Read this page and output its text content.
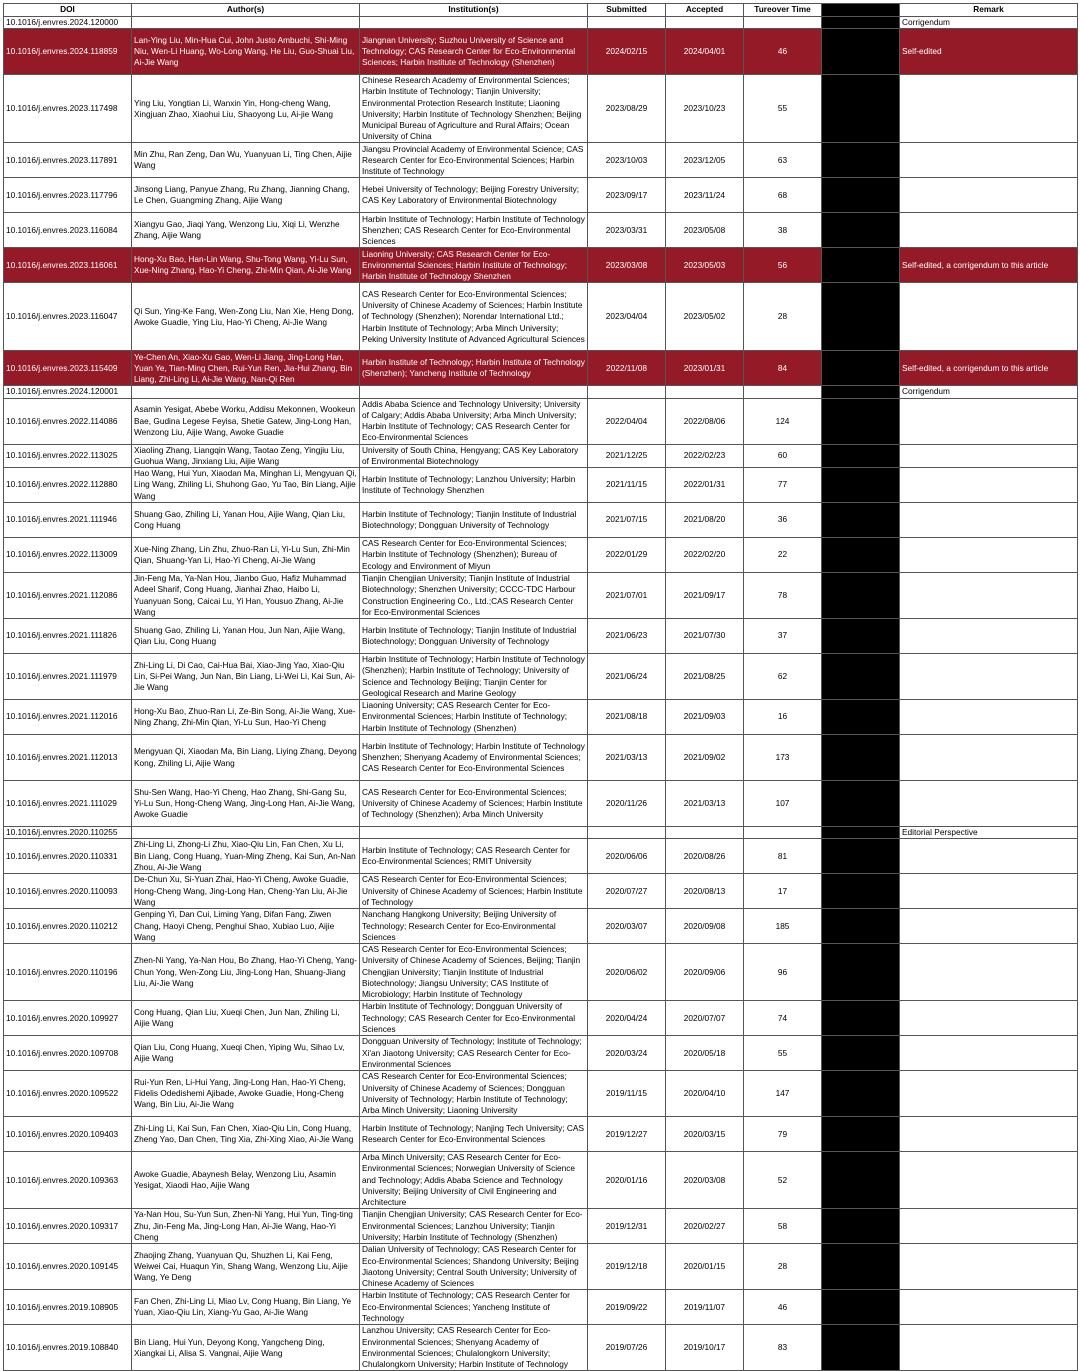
DOI	Author(s)	Institution(s)	Submitted	Accepted	Tureover Time	Handling Editor	Remark
10.1016/j.envres.2024.120000							Corrigendum
10.1016/j.envres.2024.118859	Lan-Ying Liu, Min-Hua Cui, John Justo Ambuchi, Shi-Ming Niu, Wen-Li Huang, Wo-Long Wang, He Liu, Guo-Shuai Liu, Ai-Jie Wang	Jiangnan University; Suzhou University of Science and Technology; CAS Research Center for Eco-Environmental Sciences; Harbin Institute of Technology (Shenzhen)	2024/02/15	2024/04/01	46		Self-edited
10.1016/j.envres.2023.117498	Ying Liu, Yongtian Li, Wanxin Yin, Hong-cheng Wang, Xingjuan Zhao, Xiaohui Liu, Shaoyong Lu, Ai-jie Wang	Chinese Research Academy of Environmental Sciences; Harbin Institute of Technology; Tianjin University; Environmental Protection Research Institute; Liaoning University; Harbin Institute of Technology Shenzhen; Beijing Municipal Bureau of Agriculture and Rural Affairs; Ocean University of China	2023/08/29	2023/10/23	55		
10.1016/j.envres.2023.117891	Min Zhu, Ran Zeng, Dan Wu, Yuanyuan Li, Ting Chen, Aijie Wang	Jiangsu Provincial Academy of Environmental Science; CAS Research Center for Eco-Environmental Sciences; Harbin Institute of Technology	2023/10/03	2023/12/05	63		
10.1016/j.envres.2023.117796	Jinsong Liang, Panyue Zhang, Ru Zhang, Jianning Chang, Le Chen, Guangming Zhang, Aijie Wang	Hebei University of Technology; Beijing Forestry University; CAS Key Laboratory of Environmental Biotechnology	2023/09/17	2023/11/24	68		
10.1016/j.envres.2023.116084	Xiangyu Gao, Jiaqi Yang, Wenzong Liu, Xiqi Li, Wenzhe Zhang, Aijie Wang	Harbin Institute of Technology; Harbin Institute of Technology Shenzhen; CAS Research Center for Eco-Environmental Sciences	2023/03/31	2023/05/08	38		
10.1016/j.envres.2023.116061	Hong-Xu Bao, Han-Lin Wang, Shu-Tong Wang, Yi-Lu Sun, Xue-Ning Zhang, Hao-Yi Cheng, Zhi-Min Qian, Ai-Jie Wang	Liaoning University; CAS Research Center for Eco-Environmental Sciences; Harbin Institute of Technology; Harbin Institute of Technology Shenzhen	2023/03/08	2023/05/03	56		Self-edited, a corrigendum to this article
10.1016/j.envres.2023.116047	Qi Sun, Ying-Ke Fang, Wen-Zong Liu, Nan Xie, Heng Dong, Awoke Guadie, Ying Liu, Hao-Yi Cheng, Ai-Jie Wang	CAS Research Center for Eco-Environmental Sciences; University of Chinese Academy of Sciences; Harbin Institute of Technology (Shenzhen); Norendar International Ltd.; Harbin Institute of Technology; Arba Minch University; Peking University Institute of Advanced Agricultural Sciences	2023/04/04	2023/05/02	28		
10.1016/j.envres.2023.115409	Ye-Chen An, Xiao-Xu Gao, Wen-Li Jiang, Jing-Long Han, Yuan Ye, Tian-Ming Chen, Rui-Yun Ren, Jia-Hui Zhang, Bin Liang, Zhi-Ling Li, Ai-Jie Wang, Nan-Qi Ren	Harbin Institute of Technology; Harbin Institute of Technology (Shenzhen); Yancheng Institute of Technology	2022/11/08	2023/01/31	84		Self-edited, a corrigendum to this article
10.1016/j.envres.2024.120001							Corrigendum
10.1016/j.envres.2022.114086	Asamin Yesigat, Abebe Worku, Addisu Mekonnen, Wookeun Bae, Gudina Legese Feyisa, Shetie Gatew, Jing-Long Han, Wenzong Liu, Aijie Wang, Awoke Guadie	Addis Ababa Science and Technology University; University of Calgary; Addis Ababa University; Arba Minch University; Harbin Institute of Technology; CAS Research Center for Eco-Environmental Sciences	2022/04/04	2022/08/06	124		
10.1016/j.envres.2022.113025	Xiaoling Zhang, Liangqin Wang, Taotao Zeng, Yingjiu Liu, Guohua Wang, Jinxiang Liu, Aijie Wang	University of South China, Hengyang; CAS Key Laboratory of Environmental Biotechnology	2021/12/25	2022/02/23	60		
10.1016/j.envres.2022.112880	Hao Wang, Hui Yun, Xiaodan Ma, Minghan Li, Mengyuan Qi, Ling Wang, Zhiling Li, Shuhong Gao, Yu Tao, Bin Liang, Aijie Wang	Harbin Institute of Technology; Lanzhou University; Harbin Institute of Technology Shenzhen	2021/11/15	2022/01/31	77		
10.1016/j.envres.2021.111946	Shuang Gao, Zhiling Li, Yanan Hou, Aijie Wang, Qian Liu, Cong Huang	Harbin Institute of Technology; Tianjin Institute of Industrial Biotechnology; Dongguan University of Technology	2021/07/15	2021/08/20	36		
10.1016/j.envres.2022.113009	Xue-Ning Zhang, Lin Zhu, Zhuo-Ran Li, Yi-Lu Sun, Zhi-Min Qian, Shuang-Yan Li, Hao-Yi Cheng, Ai-Jie Wang	CAS Research Center for Eco-Environmental Sciences; Harbin Institute of Technology (Shenzhen); Bureau of Ecology and Environment of Miyun	2022/01/29	2022/02/20	22		
10.1016/j.envres.2021.112086	Jin-Feng Ma, Ya-Nan Hou, Jianbo Guo, Hafiz Muhammad Adeel Sharif, Cong Huang, Jianhai Zhao, Haibo Li, Yuanyuan Song, Caicai Lu, Yi Han, Yousuo Zhang, Ai-Jie Wang	Tianjin Chengjian University; Tianjin Institute of Industrial Biotechnology; Shenzhen University; CCCC-TDC Harbour Construction Engineering Co., Ltd.;CAS Research Center for Eco-Environmental Sciences	2021/07/01	2021/09/17	78		
10.1016/j.envres.2021.111826	Shuang Gao, Zhiling Li, Yanan Hou, Jun Nan, Aijie Wang, Qian Liu, Cong Huang	Harbin Institute of Technology; Tianjin Institute of Industrial Biotechnology; Dongguan University of Technology	2021/06/23	2021/07/30	37		
10.1016/j.envres.2021.111979	Zhi-Ling Li, Di Cao, Cai-Hua Bai, Xiao-Jing Yao, Xiao-Qiu Lin, Si-Pei Wang, Jun Nan, Bin Liang, Li-Wei Li, Kai Sun, Ai-Jie Wang	Harbin Institute of Technology; Harbin Institute of Technology (Shenzhen); Harbin Institute of Technology; University of Science and Technology Beijing; Tianjin Center for Geological Research and Marine Geology	2021/06/24	2021/08/25	62		
10.1016/j.envres.2021.112016	Hong-Xu Bao, Zhuo-Ran Li, Ze-Bin Song, Ai-Jie Wang, Xue-Ning Zhang, Zhi-Min Qian, Yi-Lu Sun, Hao-Yi Cheng	Liaoning University; CAS Research Center for Eco-Environmental Sciences; Harbin Institute of Technology; Harbin Institute of Technology (Shenzhen)	2021/08/18	2021/09/03	16		
10.1016/j.envres.2021.112013	Mengyuan Qi, Xiaodan Ma, Bin Liang, Liying Zhang, Deyong Kong, Zhiling Li, Aijie Wang	Harbin Institute of Technology; Harbin Institute of Technology Shenzhen; Shenyang Academy of Environmental Sciences; CAS Research Center for Eco-Environmental Sciences	2021/03/13	2021/09/02	173		
10.1016/j.envres.2021.111029	Shu-Sen Wang, Hao-Yi Cheng, Hao Zhang, Shi-Gang Su, Yi-Lu Sun, Hong-Cheng Wang, Jing-Long Han, Ai-Jie Wang, Awoke Guadie	CAS Research Center for Eco-Environmental Sciences; University of Chinese Academy of Sciences; Harbin Institute of Technology (Shenzhen); Arba Minch University	2020/11/26	2021/03/13	107		
10.1016/j.envres.2020.110255							Editorial Perspective
10.1016/j.envres.2020.110331	Zhi-Ling Li, Zhong-Li Zhu, Xiao-Qiu Lin, Fan Chen, Xu Li, Bin Liang, Cong Huang, Yuan-Ming Zheng, Kai Sun, An-Nan Zhou, Ai-Jie Wang	Harbin Institute of Technology; CAS Research Center for Eco-Environmental Sciences; RMIT University	2020/06/06	2020/08/26	81		
10.1016/j.envres.2020.110093	De-Chun Xu, Si-Yuan Zhai, Hao-Yi Cheng, Awoke Guadie, Hong-Cheng Wang, Jing-Long Han, Cheng-Yan Liu, Ai-Jie Wang	CAS Research Center for Eco-Environmental Sciences; University of Chinese Academy of Sciences; Harbin Institute of Technology	2020/07/27	2020/08/13	17		
10.1016/j.envres.2020.110212	Genping Yi, Dan Cui, Liming Yang, Difan Fang, Ziwen Chang, Haoyi Cheng, Penghui Shao, Xubiao Luo, Aijie Wang	Nanchang Hangkong University; Beijing University of Technology; Research Center for Eco-Environmental Sciences	2020/03/07	2020/09/08	185		
10.1016/j.envres.2020.110196	Zhen-Ni Yang, Ya-Nan Hou, Bo Zhang, Hao-Yi Cheng, Yang-Chun Yong, Wen-Zong Liu, Jing-Long Han, Shuang-Jiang Liu, Ai-Jie Wang	CAS Research Center for Eco-Environmental Sciences; University of Chinese Academy of Sciences, Beijing; Tianjin Chengjian University; Tianjin Institute of Industrial Biotechnology; Jiangsu University; CAS Institute of Microbiology; Harbin Institute of Technology	2020/06/02	2020/09/06	96		
10.1016/j.envres.2020.109927	Cong Huang, Qian Liu, Xueqi Chen, Jun Nan, Zhiling Li, Aijie Wang	Harbin Institute of Technology; Dongguan University of Technology; CAS Research Center for Eco-Environmental Sciences	2020/04/24	2020/07/07	74		
10.1016/j.envres.2020.109708	Qian Liu, Cong Huang, Xueqi Chen, Yiping Wu, Sihao Lv, Aijie Wang	Dongguan University of Technology; Institute of Technology; Xi'an Jiaotong University; CAS Research Center for Eco-Environmental Sciences	2020/03/24	2020/05/18	55		
10.1016/j.envres.2020.109522	Rui-Yun Ren, Li-Hui Yang, Jing-Long Han, Hao-Yi Cheng, Fidelis Odedishemi Ajibade, Awoke Guadie, Hong-Cheng Wang, Bin Liu, Ai-Jie Wang	CAS Research Center for Eco-Environmental Sciences; University of Chinese Academy of Sciences; Dongguan University of Technology; Harbin Institute of Technology; Arba Minch University; Liaoning University	2019/11/15	2020/04/10	147		
10.1016/j.envres.2020.109403	Zhi-Ling Li, Kai Sun, Fan Chen, Xiao-Qiu Lin, Cong Huang, Zheng Yao, Dan Chen, Ting Xia, Zhi-Xing Xiao, Ai-Jie Wang	Harbin Institute of Technology; Nanjing Tech University; CAS Research Center for Eco-Environmental Sciences	2019/12/27	2020/03/15	79		
10.1016/j.envres.2020.109363	Awoke Guadie, Abaynesh Belay, Wenzong Liu, Asamin Yesigat, Xiaodi Hao, Aijie Wang	Arba Minch University; CAS Research Center for Eco-Environmental Sciences; Norwegian University of Science and Technology; Addis Ababa Science and Technology University; Beijing University of Civil Engineering and Architecture	2020/01/16	2020/03/08	52		
10.1016/j.envres.2020.109317	Ya-Nan Hou, Su-Yun Sun, Zhen-Ni Yang, Hui Yun, Ting-ting Zhu, Jin-Feng Ma, Jing-Long Han, Ai-Jie Wang, Hao-Yi Cheng	Tianjin Chengjian University; CAS Research Center for Eco-Environmental Sciences; Lanzhou University; Tianjin University; Harbin Institute of Technology (Shenzhen)	2019/12/31	2020/02/27	58		
10.1016/j.envres.2020.109145	Zhaojing Zhang, Yuanyuan Qu, Shuzhen Li, Kai Feng, Weiwei Cai, Huaqun Yin, Shang Wang, Wenzong Liu, Aijie Wang, Ye Deng	Dalian University of Technology; CAS Research Center for Eco-Environmental Sciences; Shandong University; Beijing Jiaotong University; Central South University; University of Chinese Academy of Sciences	2019/12/18	2020/01/15	28		
10.1016/j.envres.2019.108905	Fan Chen, Zhi-Ling Li, Miao Lv, Cong Huang, Bin Liang, Ye Yuan, Xiao-Qiu Lin, Xiang-Yu Gao, Ai-Jie Wang	Harbin Institute of Technology; CAS Research Center for Eco-Environmental Sciences; Yancheng Institute of Technology	2019/09/22	2019/11/07	46		
10.1016/j.envres.2019.108840	Bin Liang, Hui Yun, Deyong Kong, Yangcheng Ding, Xiangkai Li, Alisa S. Vangnai, Aijie Wang	Lanzhou University; CAS Research Center for Eco-Environmental Sciences; Shenyang Academy of Environmental Sciences; Chulalongkorn University; Chulalongkorn University; Harbin Institute of Technology	2019/07/26	2019/10/17	83		
